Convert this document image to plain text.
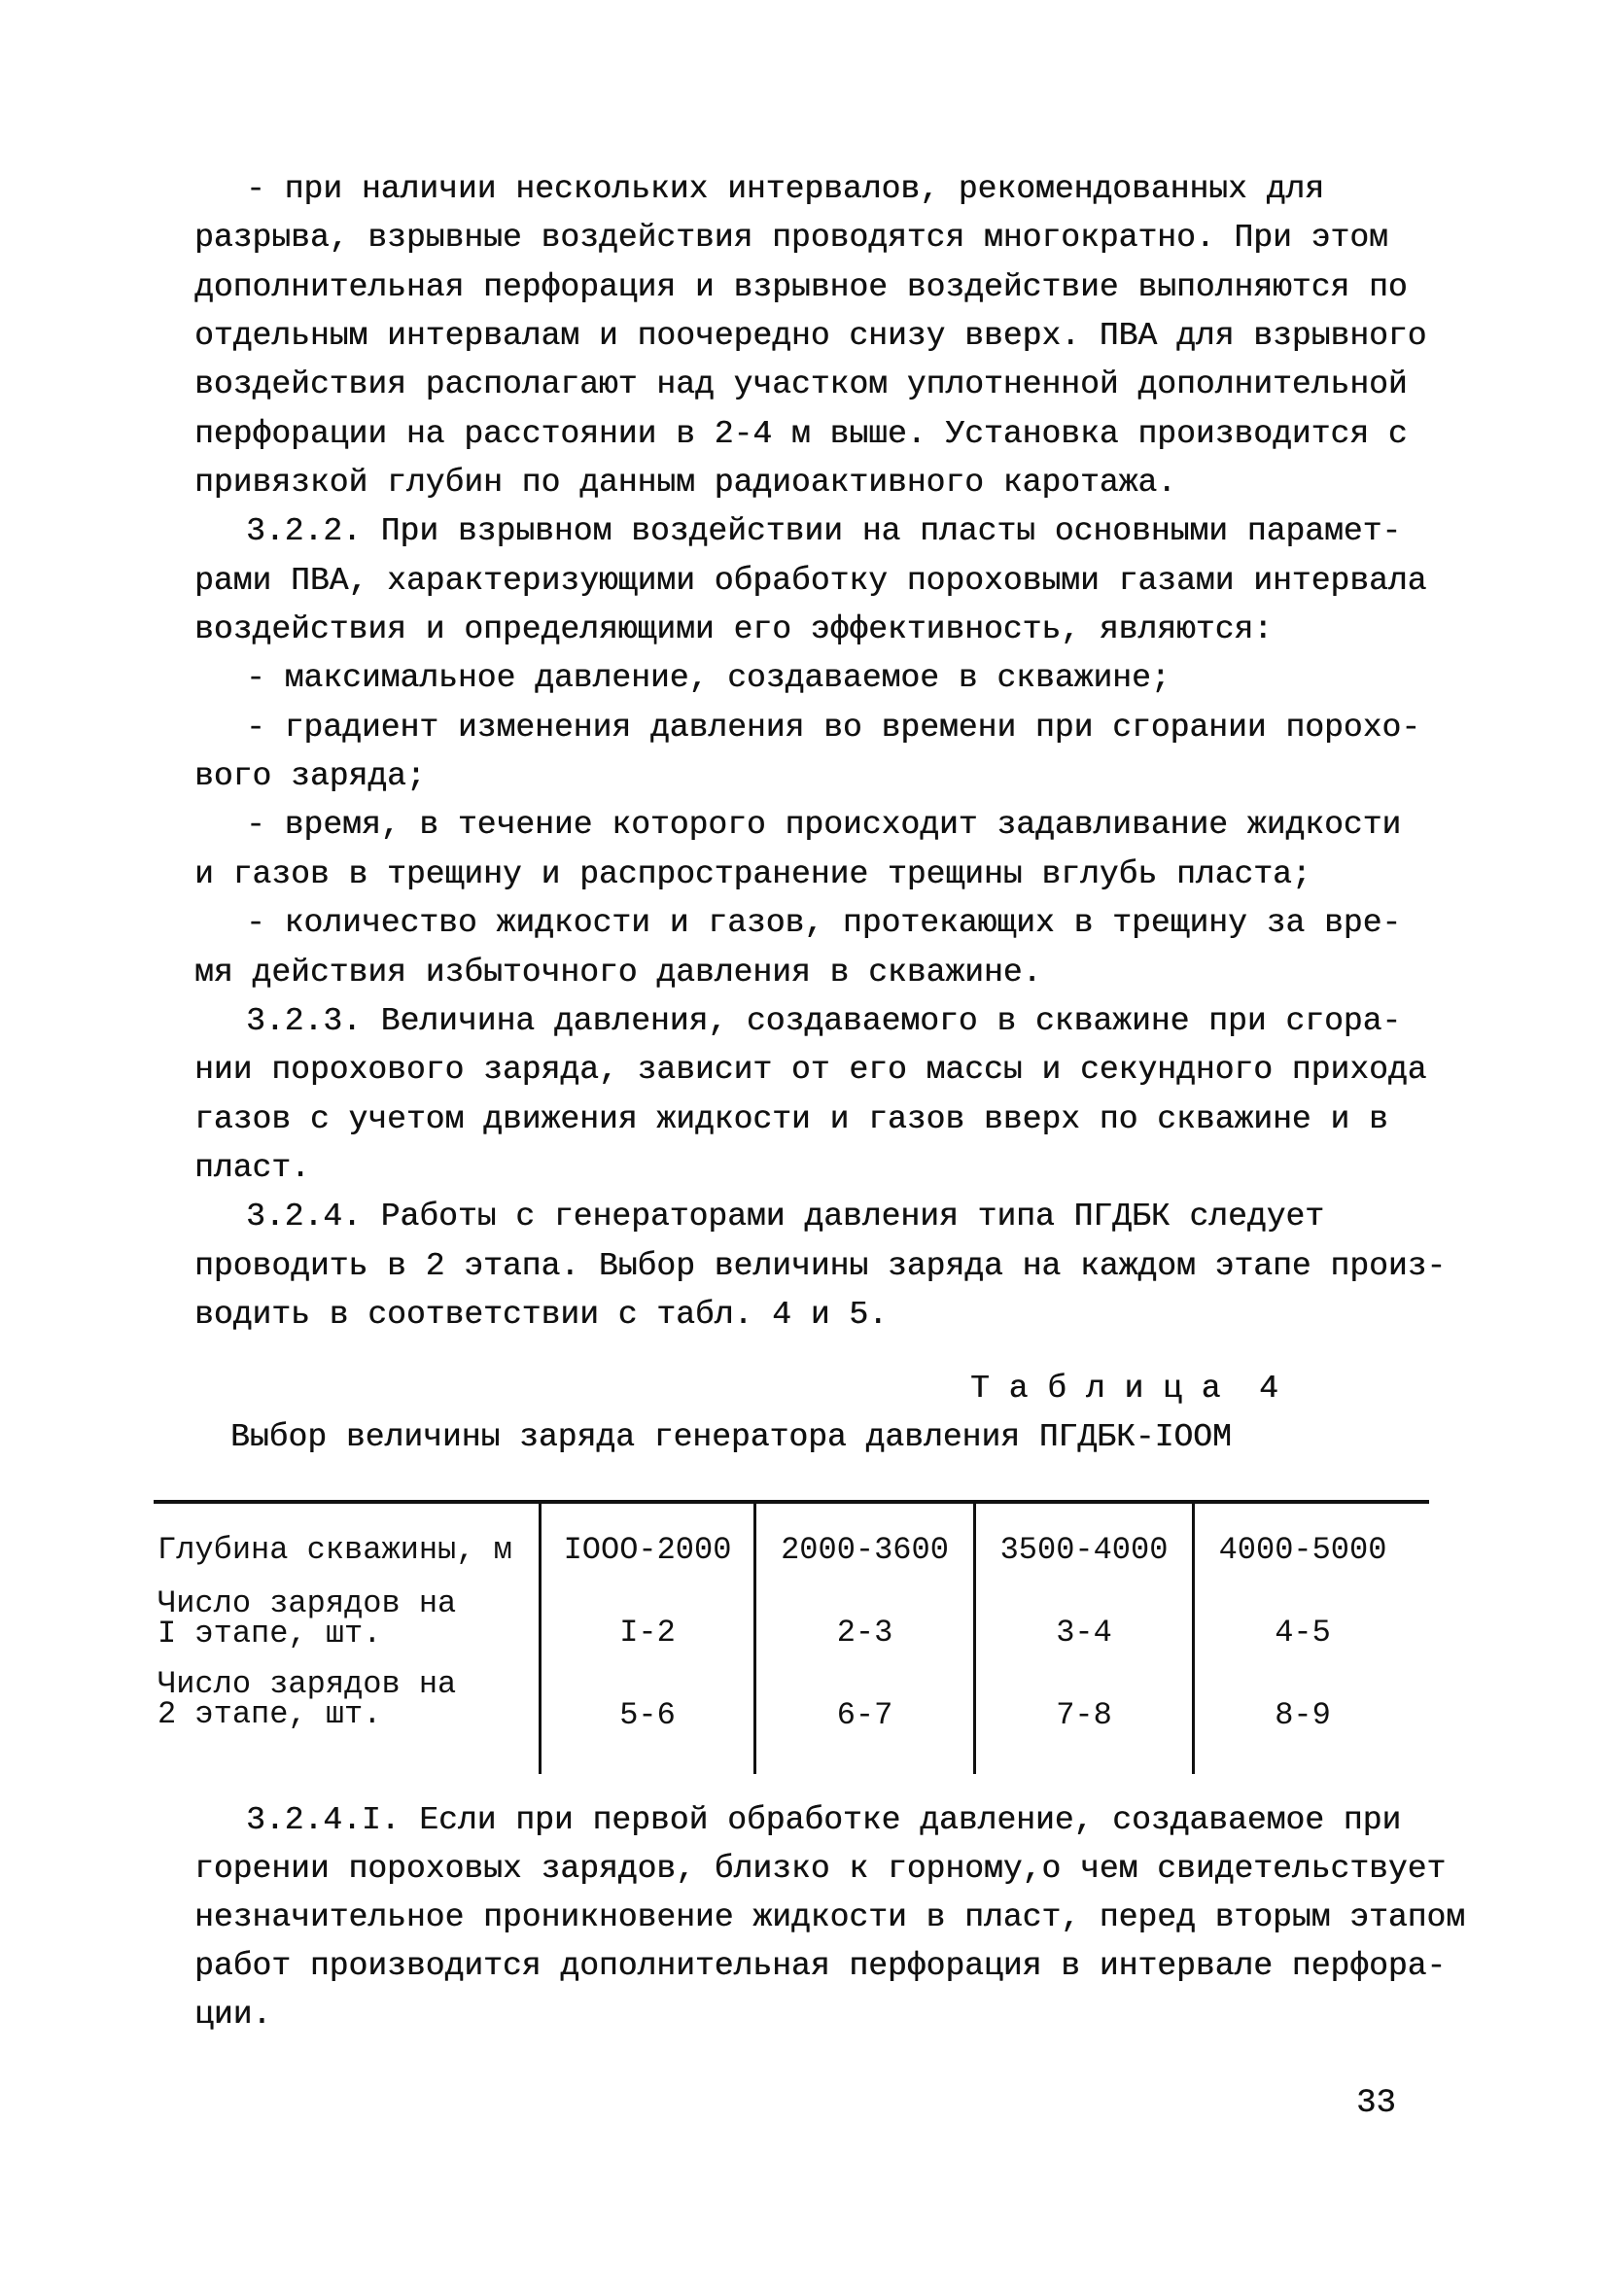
- при наличии нескольких интервалов, рекомендованных для
разрыва, взрывные воздействия проводятся многократно. При этом
дополнительная перфорация и взрывное воздействие выполняются по
отдельным интервалам и поочередно снизу вверх. ПВА для взрывного
воздействия располагают над участком уплотненной дополнительной
перфорации на расстоянии в 2-4 м выше. Установка производится с
привязкой глубин по данным радиоактивного каротажа.
3.2.2. При взрывном воздействии на пласты основными парамет-
рами ПВА, характеризующими обработку пороховыми газами интервала
воздействия и определяющими его эффективность, являются:
- максимальное давление, создаваемое в скважине;
- градиент изменения давления во времени при сгорании порохо-
вого заряда;
- время, в течение которого происходит задавливание жидкости
и газов в трещину и распространение трещины вглубь пласта;
- количество жидкости и газов, протекающих в трещину за вре-
мя действия избыточного давления в скважине.
3.2.3. Величина давления, создаваемого в скважине при сгора-
нии порохового заряда, зависит от его массы и секундного прихода
газов с учетом движения жидкости и газов вверх по скважине и в
пласт.
3.2.4. Работы с генераторами давления типа ПГДБК следует
проводить в 2 этапа. Выбор величины заряда на каждом этапе произ-
водить в соответствии с табл. 4 и 5.
Т а б л и ц а  4
Выбор величины заряда генератора давления ПГДБК-IOOM
Глубина скважины, м	IOOO-2000	2000-3600	3500-4000	4000-5000
Число зарядов на
I этапе, шт.	I-2	2-3	3-4	4-5
Число зарядов на
2 этапе, шт.	5-6	6-7	7-8	8-9
3.2.4.I. Если при первой обработке давление, создаваемое при
горении пороховых зарядов, близко к горному,о чем свидетельствует
незначительное проникновение жидкости в пласт, перед вторым этапом
работ производится дополнительная перфорация в интервале перфора-
ции.
33
